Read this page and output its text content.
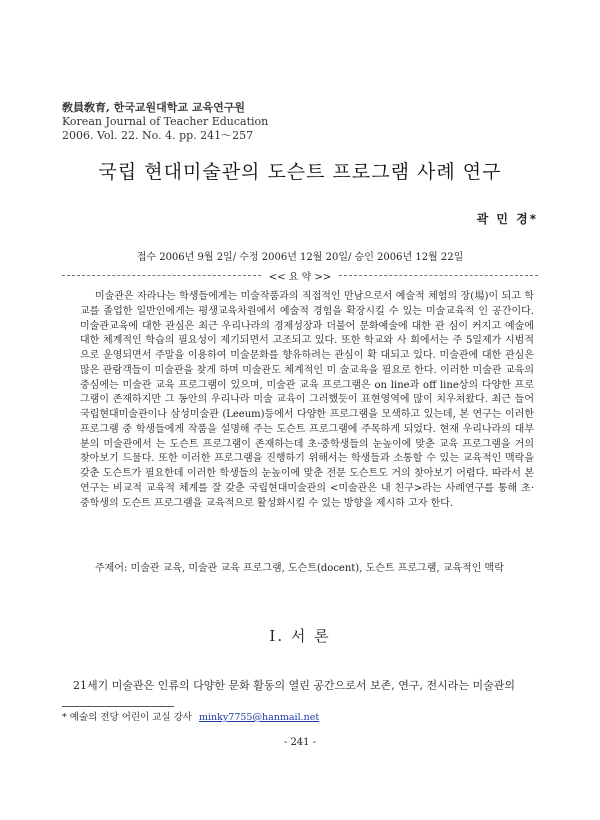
敎員敎育, 한국교원대학교 교육연구원
Korean Journal of Teacher Education
2006. Vol. 22. No. 4. pp. 241～257
국립 현대미술관의 도슨트 프로그램 사례 연구
곽 민 경*
접수 2006년 9월 2일/ 수정 2006년 12월 20일/ 승인 2006년 12월 22일
<< 요 약 >>

미술관은 자라나는 학생들에게는 미술작품과의 직접적인 만남으로서 예술적 체험의 장(場)이 되고 학교를 졸업한 일반인에게는 평생교육차원에서 예술적 경험을 확장시킬 수 있는 미술교육적 인 공간이다. 미술관교육에 대한 관심은 최근 우리나라의 경제성장과 더불어 문화예술에 대한 관 심이 커지고 예술에 대한 체계적인 학습의 필요성이 제기되면서 고조되고 있다. 또한 학교와 사 회에서는 주 5일제가 시범적으로 운영되면서 주말을 이용하여 미술문화를 향유하려는 관심이 확 대되고 있다. 미술관에 대한 관심은 많은 관람객들이 미술관을 찾게 하며 미술관도 체계적인 미 술교육을 필요로 한다. 이러한 미술관 교육의 중심에는 미술관 교육 프로그램이 있으며, 미술관 교육 프로그램은 on line과 off line상의 다양한 프로그램이 존재하지만 그 동안의 우리나라 미술 교육이 그러했듯이 표현영역에 많이 치우쳐왔다. 최근 들어 국립현대미술관이나 삼성미술관 (Leeum)등에서 다양한 프로그램을 모색하고 있는데, 본 연구는 이러한 프로그램 중 학생들에게 작품을 설명해 주는 도슨트 프로그램에 주목하게 되었다. 현재 우리나라의 대부분의 미술관에서 는 도슨트 프로그램이 존재하는데 초·중학생들의 눈높이에 맞춘 교육 프로그램을 거의 찾아보기 드물다. 또한 이러한 프로그램을 진행하기 위해서는 학생들과 소통할 수 있는 교육적인 맥락을 갖춘 도슨트가 필요한데 이러한 학생들의 눈높이에 맞춘 전문 도슨트도 거의 찾아보기 어렵다. 따라서 본 연구는 비교적 교육적 체계를 잘 갖춘 국립현대미술관의 <미술관은 내 친구>라는 사례연구를 통해 초·중학생의 도슨트 프로그램을 교육적으로 활성화시킬 수 있는 방향을 제시하 고자 한다.

주제어: 미술관 교육, 미술관 교육 프로그램, 도슨트(docent), 도슨트 프로그램, 교육적인 맥락
Ⅰ. 서 론
21세기 미술관은 인류의 다양한 문화 활동의 열린 공간으로서 보존, 연구, 전시라는 미술관의
* 예술의 전당 어린이 교실 강사 minky7755@hanmail.net
- 241 -
